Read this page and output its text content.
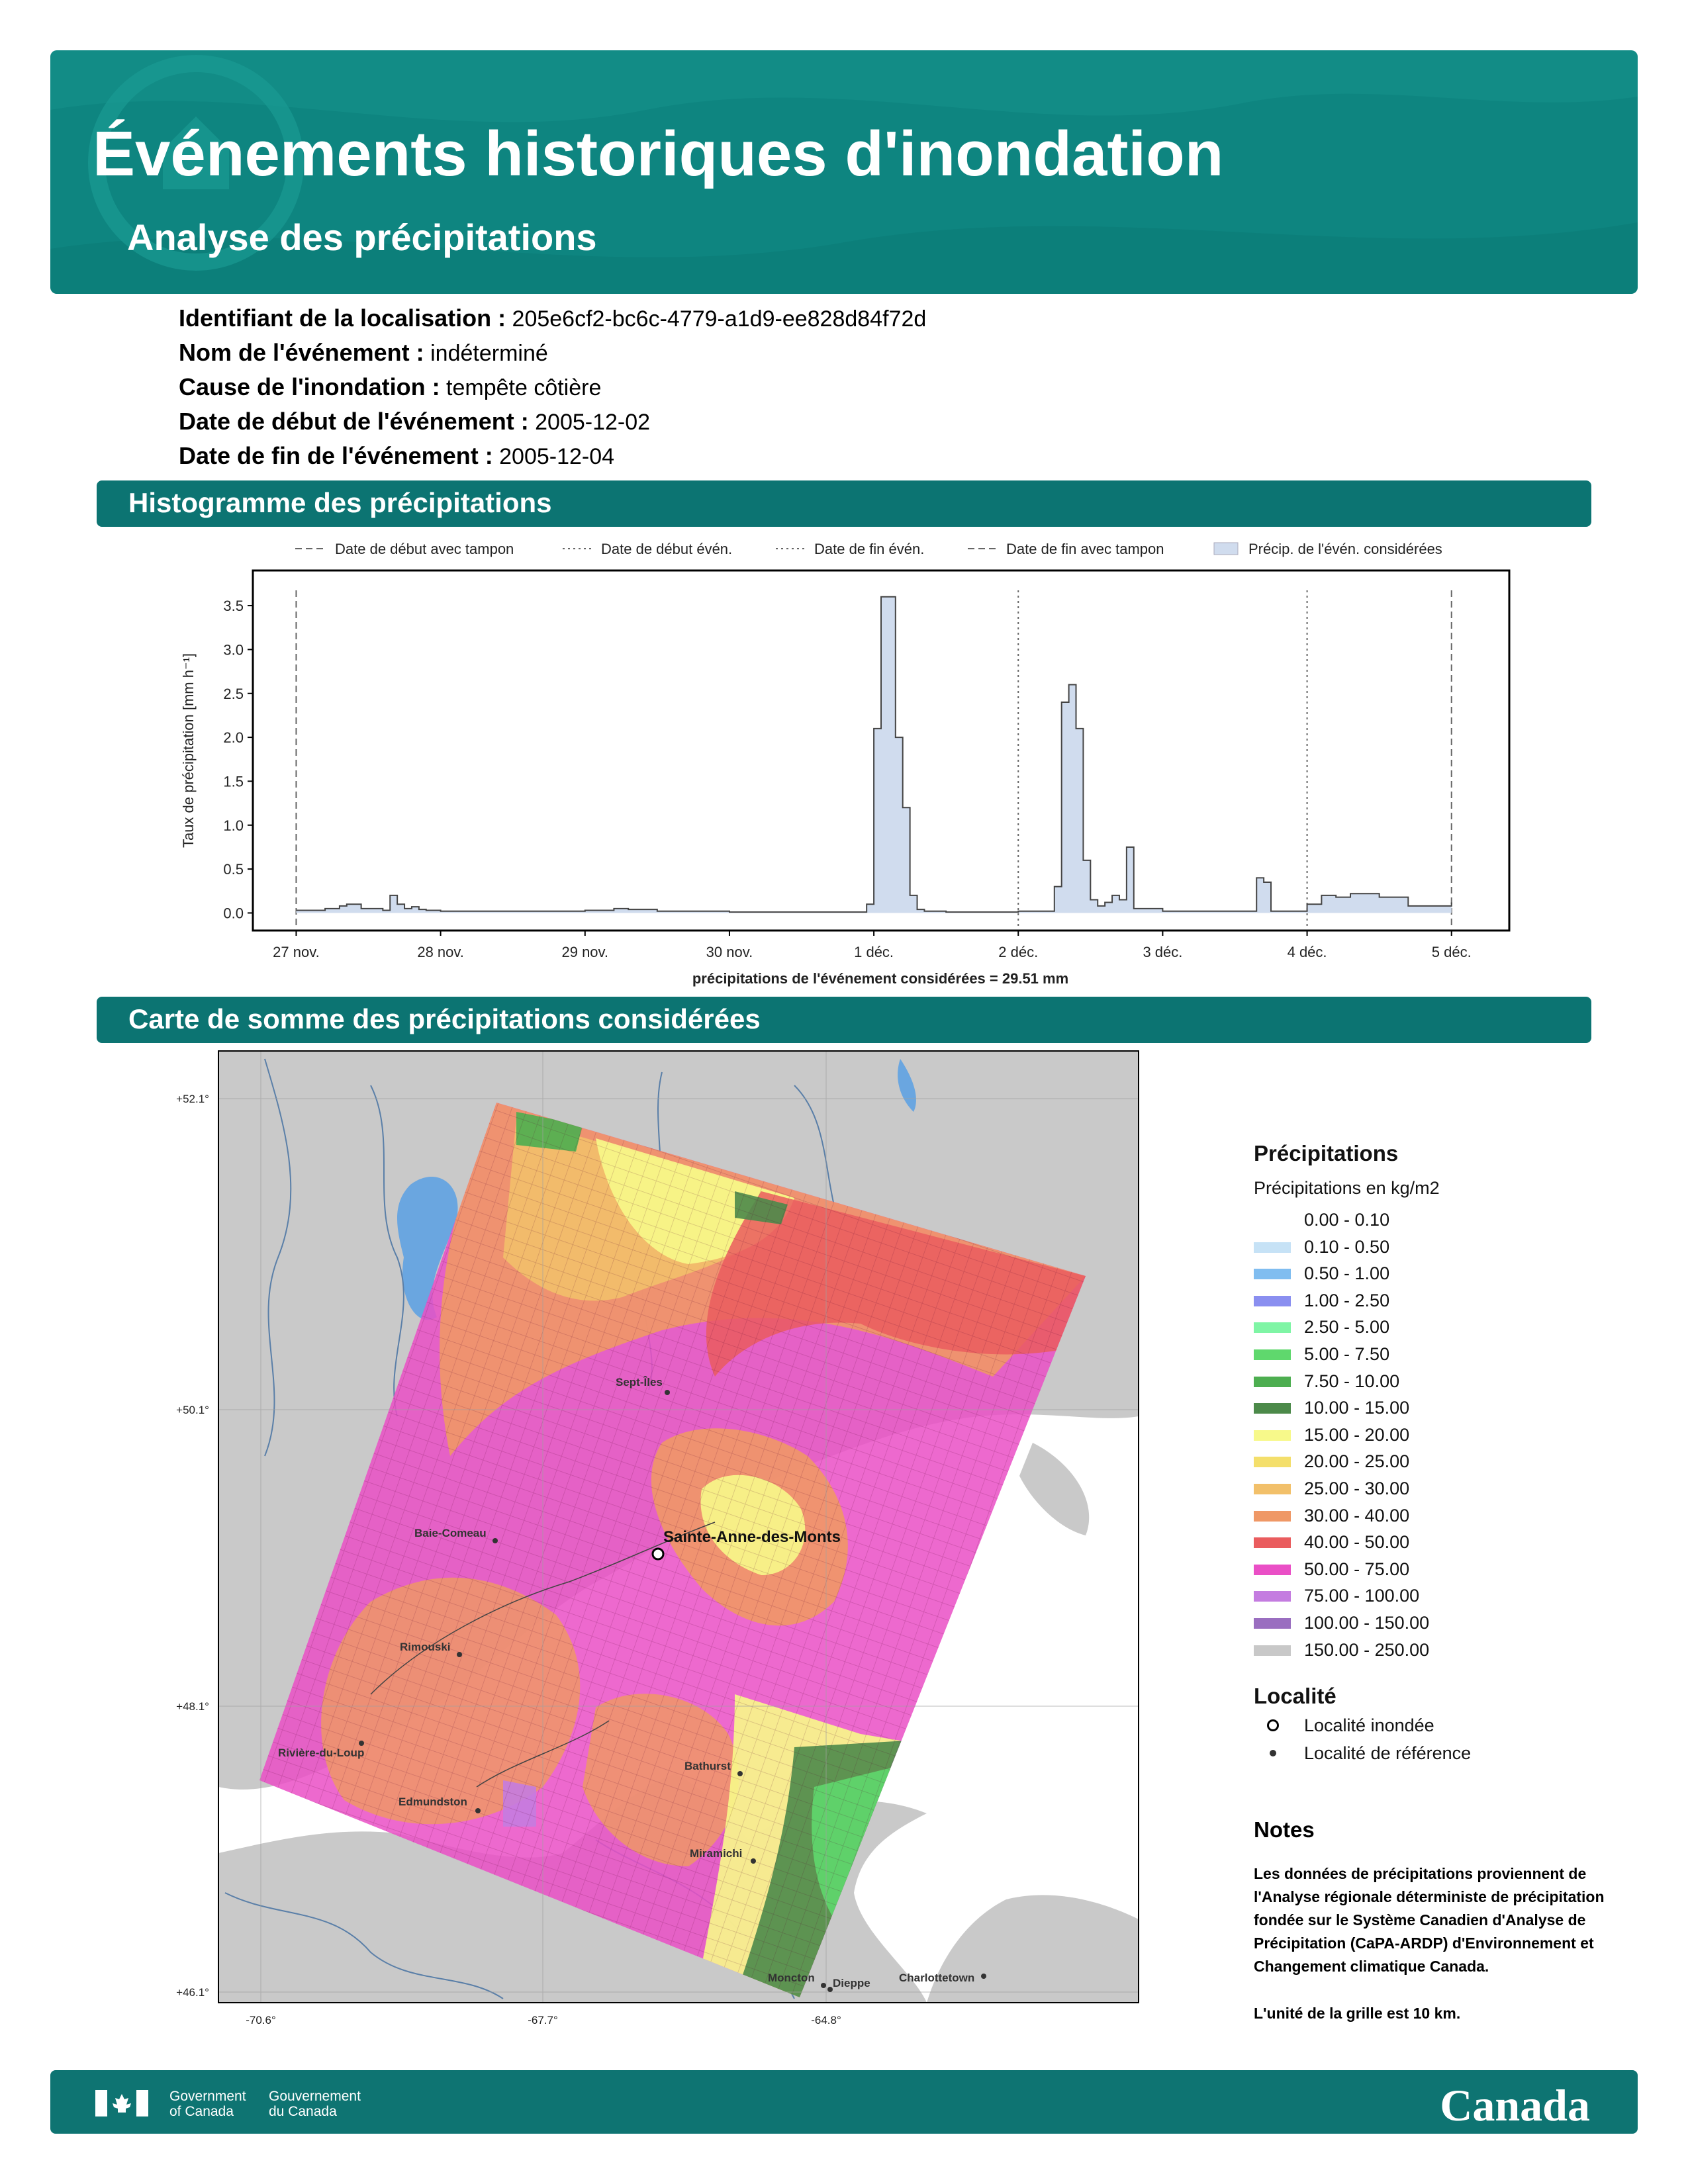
Événements historiques d'inondation
Analyse des précipitations
Identifiant de la localisation : 205e6cf2-bc6c-4779-a1d9-ee828d84f72d
Nom de l'événement : indéterminé
Cause de l'inondation : tempête côtière
Date de début de l'événement : 2005-12-02
Date de fin de l'événement : 2005-12-04
Histogramme des précipitations
Date de début avec tampon	Date de début évén.	Date de fin évén.	Date de fin avec tampon	Précip. de l'évén. considérées
0.0
0.5
1.0
1.5
2.0
2.5
3.0
3.5
27 nov.	28 nov.	29 nov.	30 nov.	1 déc.	2 déc.	3 déc.	4 déc.	5 déc.
Taux de précipitation [mm h⁻¹]
précipitations de l'événement considérées = 29.51 mm
Carte de somme des précipitations considérées
Sept-Îles
Baie-Comeau	Sainte-Anne-des-Monts
Rimouski
Rivière-du-Loup
Edmundston
Bathurst
Miramichi
Moncton Dieppe	Charlottetown
+52.1°
+50.1°
+48.1°
+46.1°
-70.6°	-67.7°	-64.8°
Précipitations
Précipitations en kg/m2
0.00 - 0.10
0.10 - 0.50
0.50 - 1.00
1.00 - 2.50
2.50 - 5.00
5.00 - 7.50
7.50 - 10.00
10.00 - 15.00
15.00 - 20.00
20.00 - 25.00
25.00 - 30.00
30.00 - 40.00
40.00 - 50.00
50.00 - 75.00
75.00 - 100.00
100.00 - 150.00
150.00 - 250.00
Localité
Localité inondée
Localité de référence
Notes

Les données de précipitations proviennent de l'Analyse régionale déterministe de précipitation fondée sur le Système Canadien d'Analyse de Précipitation (CaPA-ARDP) d'Environnement et Changement climatique Canada.

L'unité de la grille est 10 km.

Government
of Canada
Gouvernement
du Canada	Canada
